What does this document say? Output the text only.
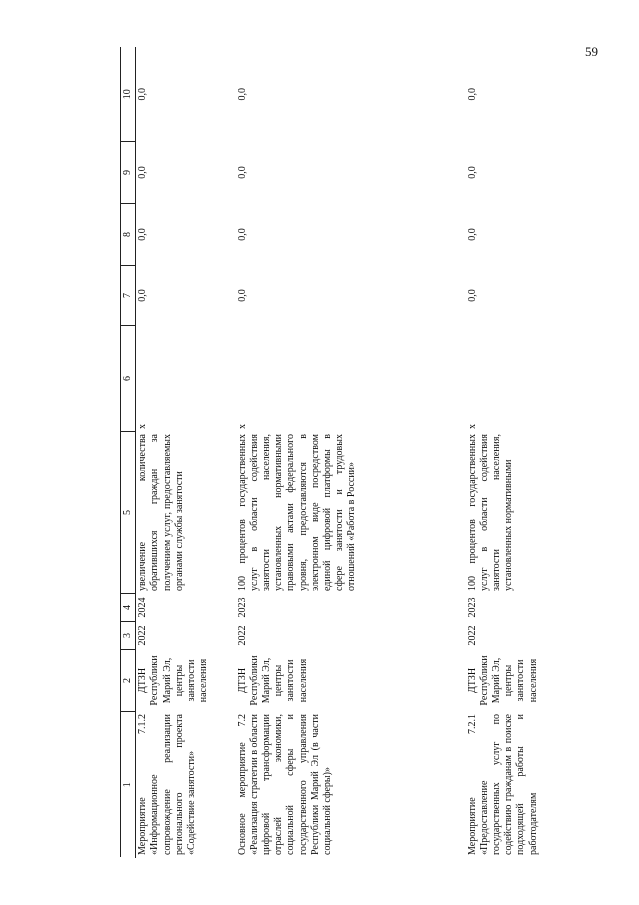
59
1	2	3	4	5	6	7	8	9	10
Мероприятие 7.1.2 «Информационное сопровождение реализации регионального проекта «Содействие занятости»	ДТЗН Республики Марий Эл, центры занятости населения	2022	2024	увеличение количества обратившихся граждан за получением услуг, предоставляемых органами службы занятости	x	0,0	0,0	0,0	0,0
Основное мероприятие 7.2 «Реализация стратегии в области цифровой трансформации отраслей экономики, социальной сферы и государственного управления Республики Марий Эл (в части социальной сферы)»	ДТЗН Республики Марий Эл, центры занятости населения	2022	2023	100 процентов государственных услуг в области содействия занятости населения, установленных нормативными правовыми актами федерального уровня, предоставляются в электронном виде посредством единой цифровой платформы в сфере занятости и трудовых отношений «Работа в России»	x	0,0	0,0	0,0	0,0
Мероприятие 7.2.1 «Предоставление государственных услуг по содействию гражданам в поиске подходящей работы и работодателям	ДТЗН Республики Марий Эл, центры занятости населения	2022	2023	100 процентов государственных услуг в области содействия занятости населения, установленных нормативными	x	0,0	0,0	0,0	0,0
